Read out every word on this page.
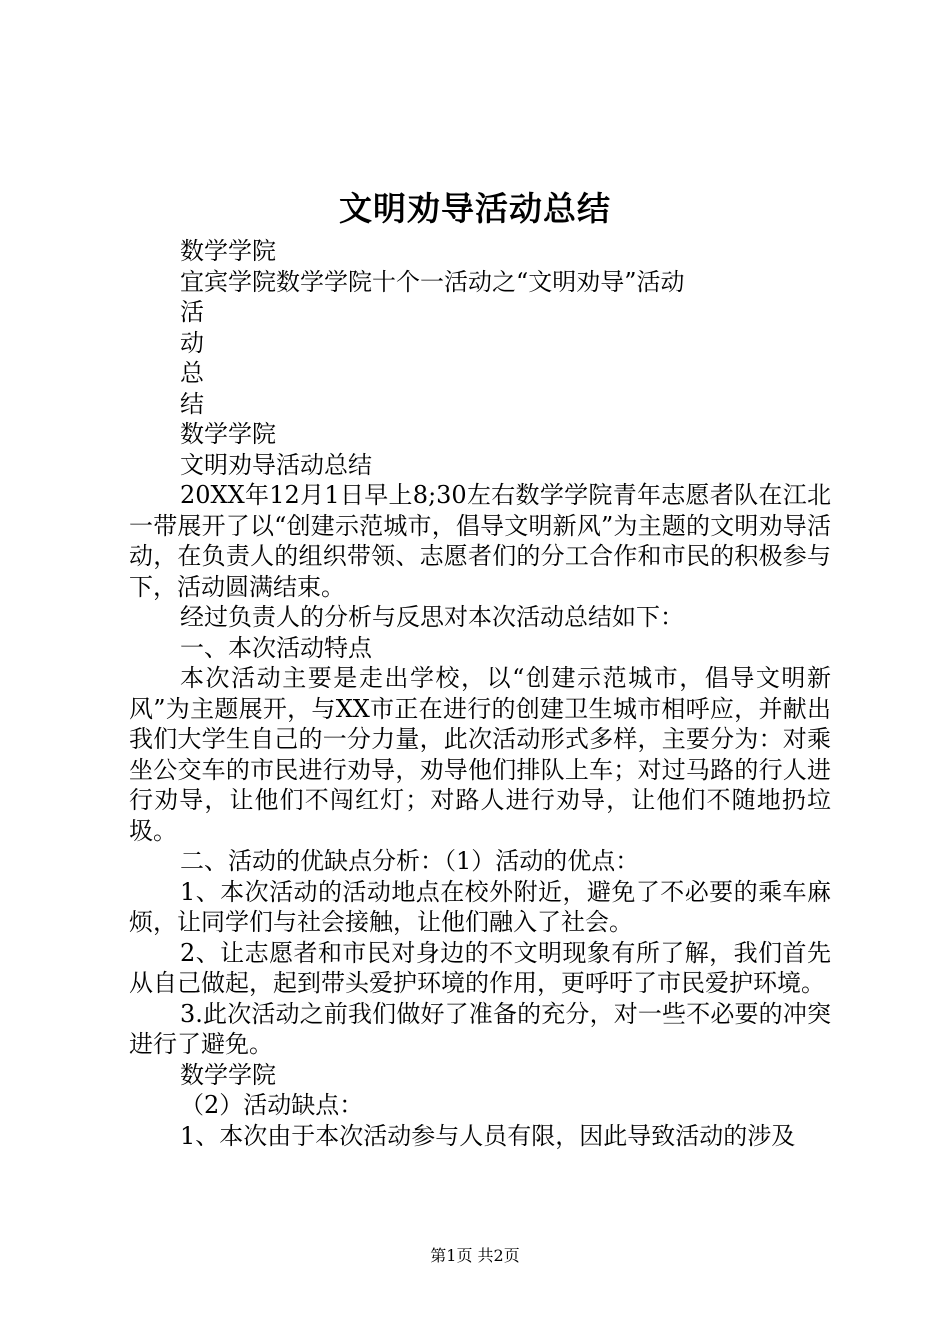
文明劝导活动总结

数学学院

宜宾学院数学学院十个一活动之“文明劝导”活动

活

动

总

结

数学学院

文明劝导活动总结

20XX年12月1日早上8;30左右数学学院青年志愿者队在江北一带展开了以“创建示范城市，倡导文明新风”为主题的文明劝导活动，在负责人的组织带领、志愿者们的分工合作和市民的积极参与下，活动圆满结束。

经过负责人的分析与反思对本次活动总结如下：

一、本次活动特点

本次活动主要是走出学校，以“创建示范城市，倡导文明新风”为主题展开，与XX市正在进行的创建卫生城市相呼应，并献出我们大学生自己的一分力量，此次活动形式多样，主要分为：对乘坐公交车的市民进行劝导，劝导他们排队上车；对过马路的行人进行劝导，让他们不闯红灯；对路人进行劝导，让他们不随地扔垃圾。

二、活动的优缺点分析：（1）活动的优点：

1、本次活动的活动地点在校外附近，避免了不必要的乘车麻烦，让同学们与社会接触，让他们融入了社会。

2、让志愿者和市民对身边的不文明现象有所了解，我们首先从自己做起，起到带头爱护环境的作用，更呼吁了市民爱护环境。

3.此次活动之前我们做好了准备的充分，对一些不必要的冲突进行了避免。

数学学院

（2）活动缺点：

1、本次由于本次活动参与人员有限，因此导致活动的涉及

第1页 共2页
